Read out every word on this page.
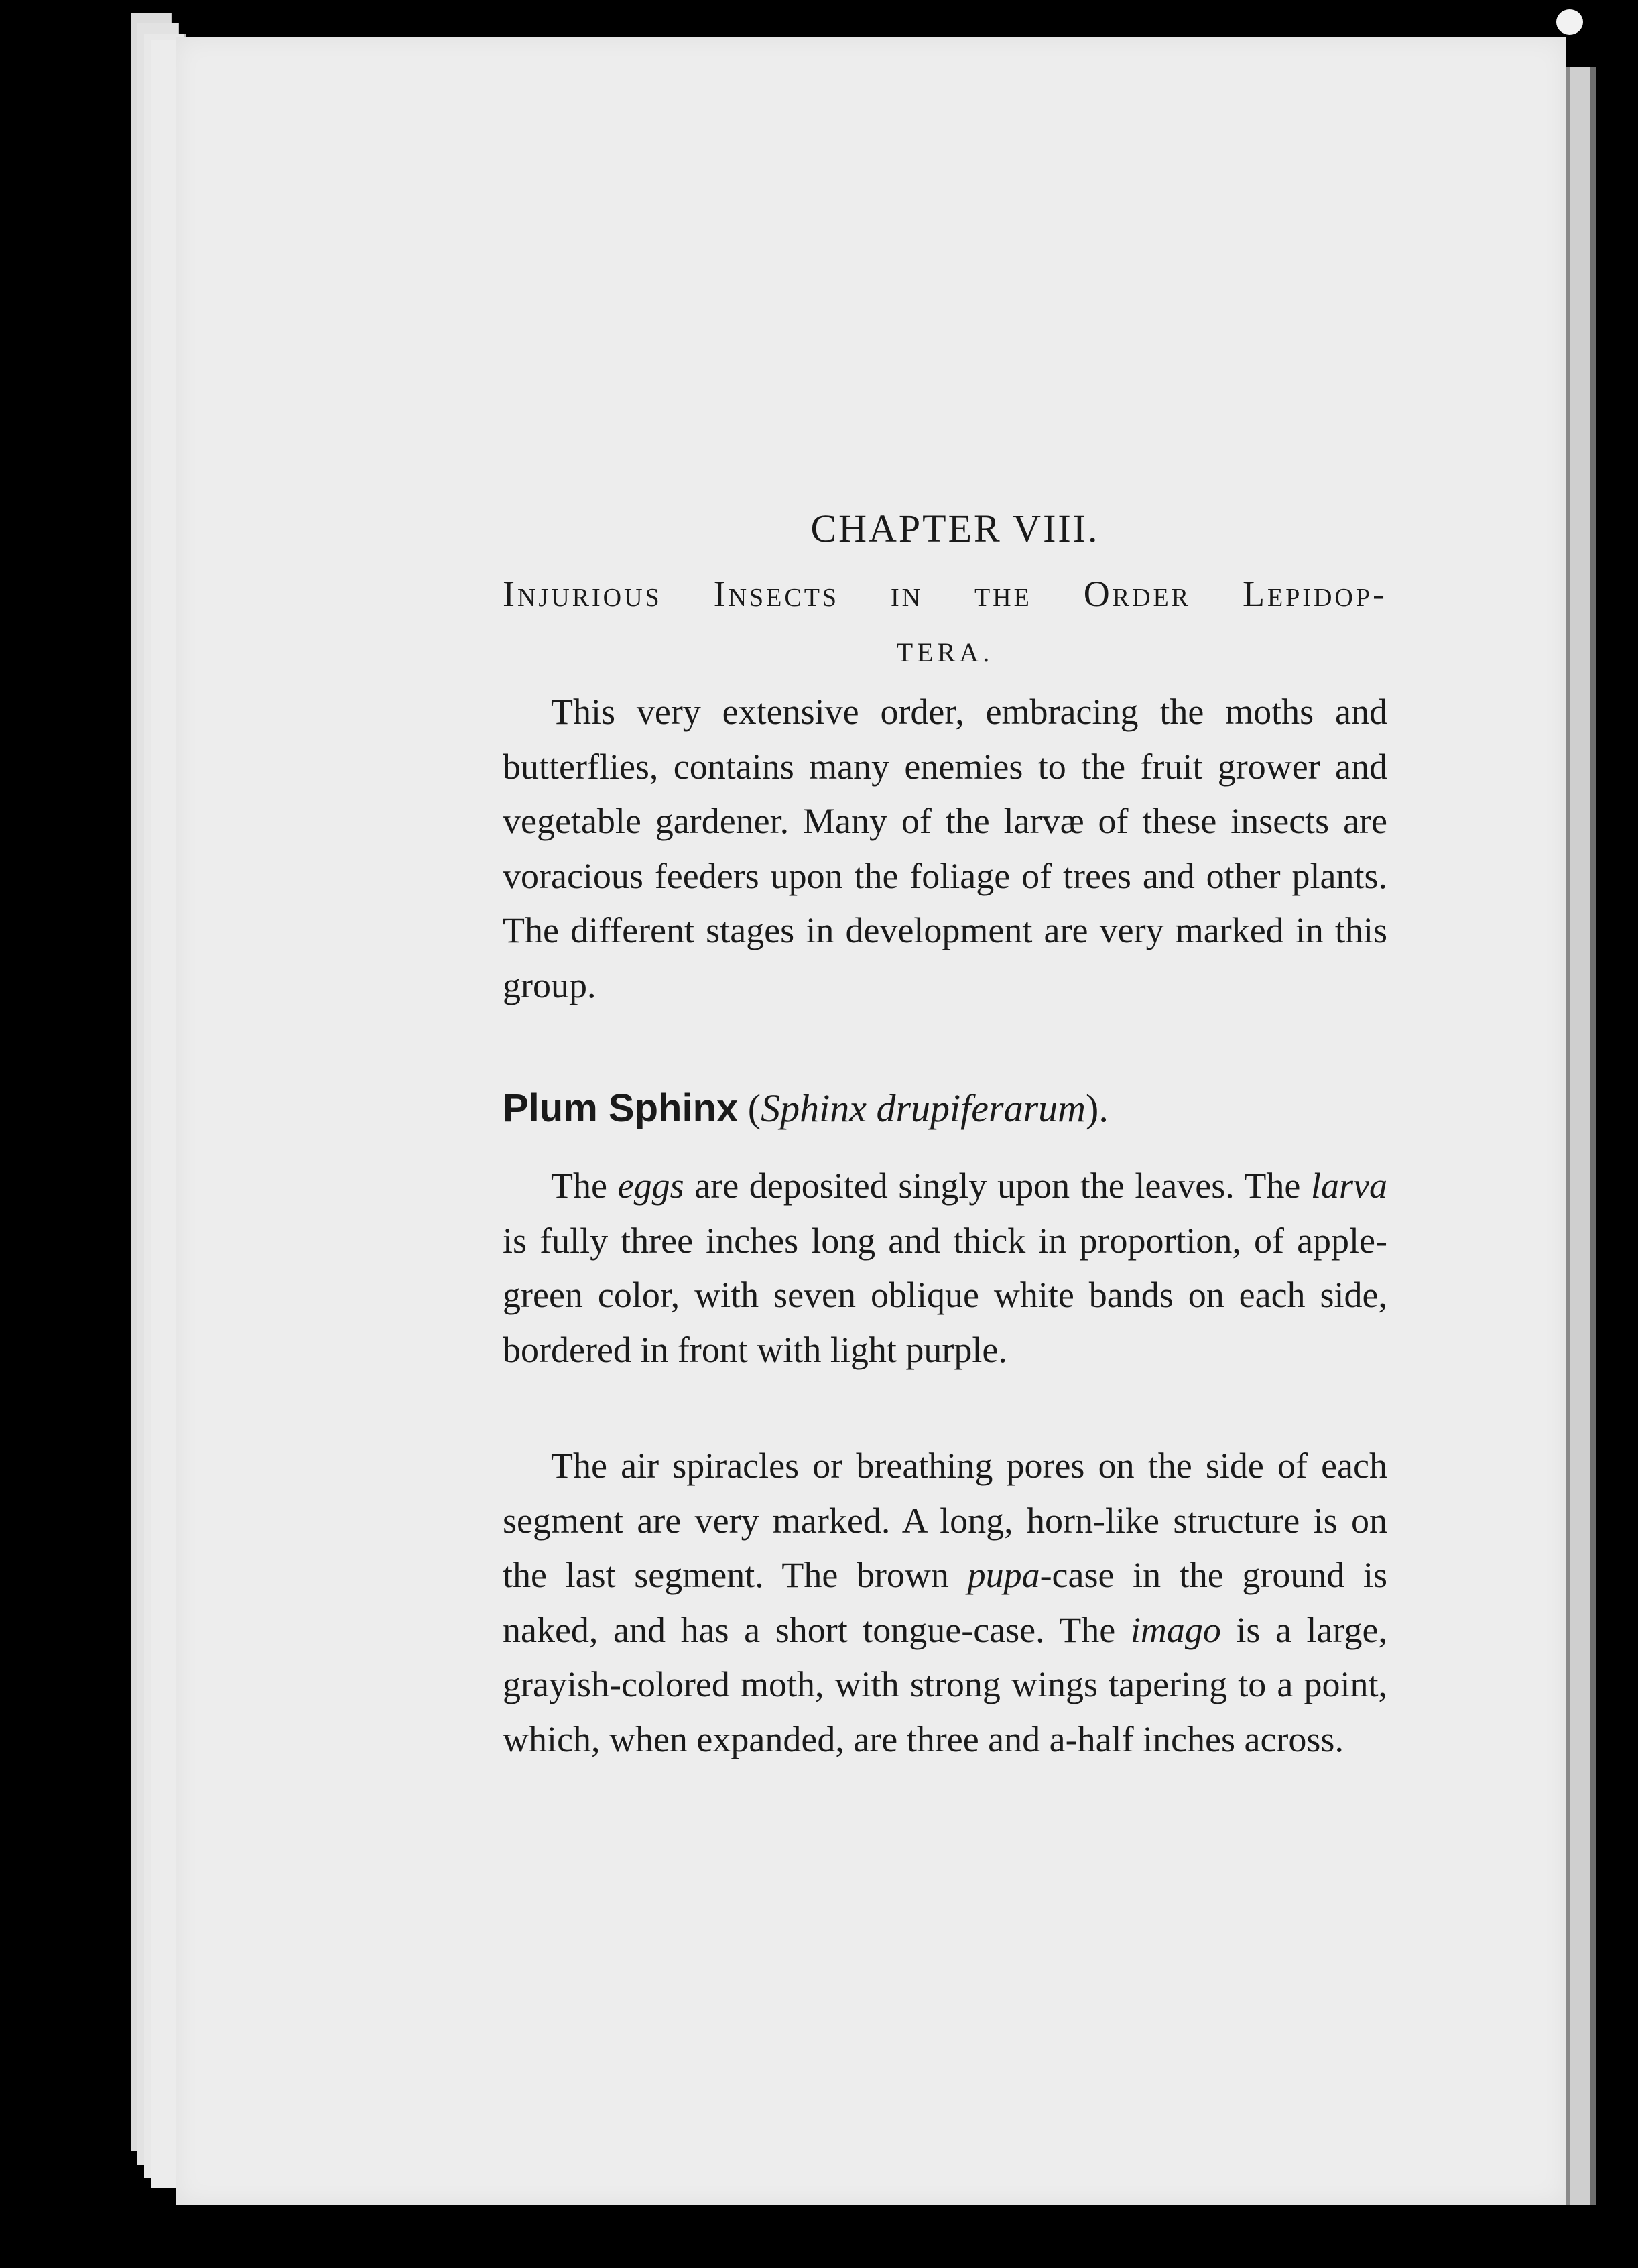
CHAPTER VIII.
Injurious Insects in the Order Lepidop-
TERA.

This very extensive order, embracing the moths and butterflies, contains many enemies to the fruit grower and vegetable gardener. Many of the larvæ of these insects are voracious feeders upon the foliage of trees and other plants. The different stages in development are very marked in this group.

Plum Sphinx (Sphinx drupiferarum).

The eggs are deposited singly upon the leaves. The larva is fully three inches long and thick in proportion, of apple-green color, with seven oblique white bands on each side, bordered in front with light purple.

The air spiracles or breathing pores on the side of each segment are very marked. A long, horn-like structure is on the last segment. The brown pupa-case in the ground is naked, and has a short tongue-case. The imago is a large, grayish-colored moth, with strong wings tapering to a point, which, when expanded, are three and a-half inches across.
